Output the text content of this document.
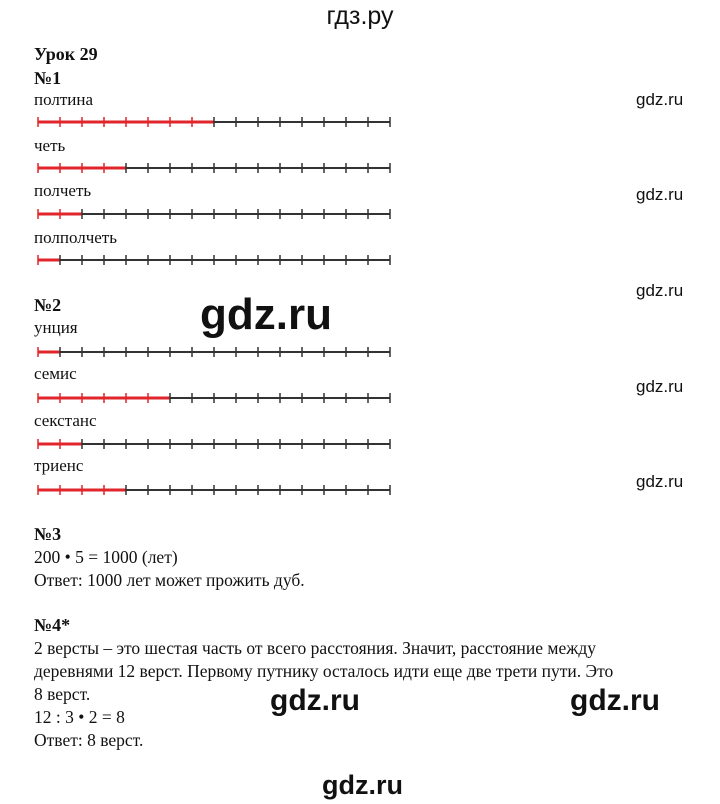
гдз.ру
Урок 29
№1
полтина
четь
полчеть
полполчеть
№2
унция
семис
секстанс
триенс
№3
200 • 5 = 1000 (лет)
Ответ: 1000 лет может прожить дуб.
№4*
2 версты – это шестая часть от всего расстояния. Значит, расстояние между
деревнями 12 верст. Первому путнику осталось идти еще две трети пути. Это
8 верст.
12 : 3 • 2 = 8
Ответ: 8 верст.
gdz.ru
gdz.ru
gdz.ru
gdz.ru
gdz.ru
gdz.ru
gdz.ru	gdz.ru
gdz.ru
